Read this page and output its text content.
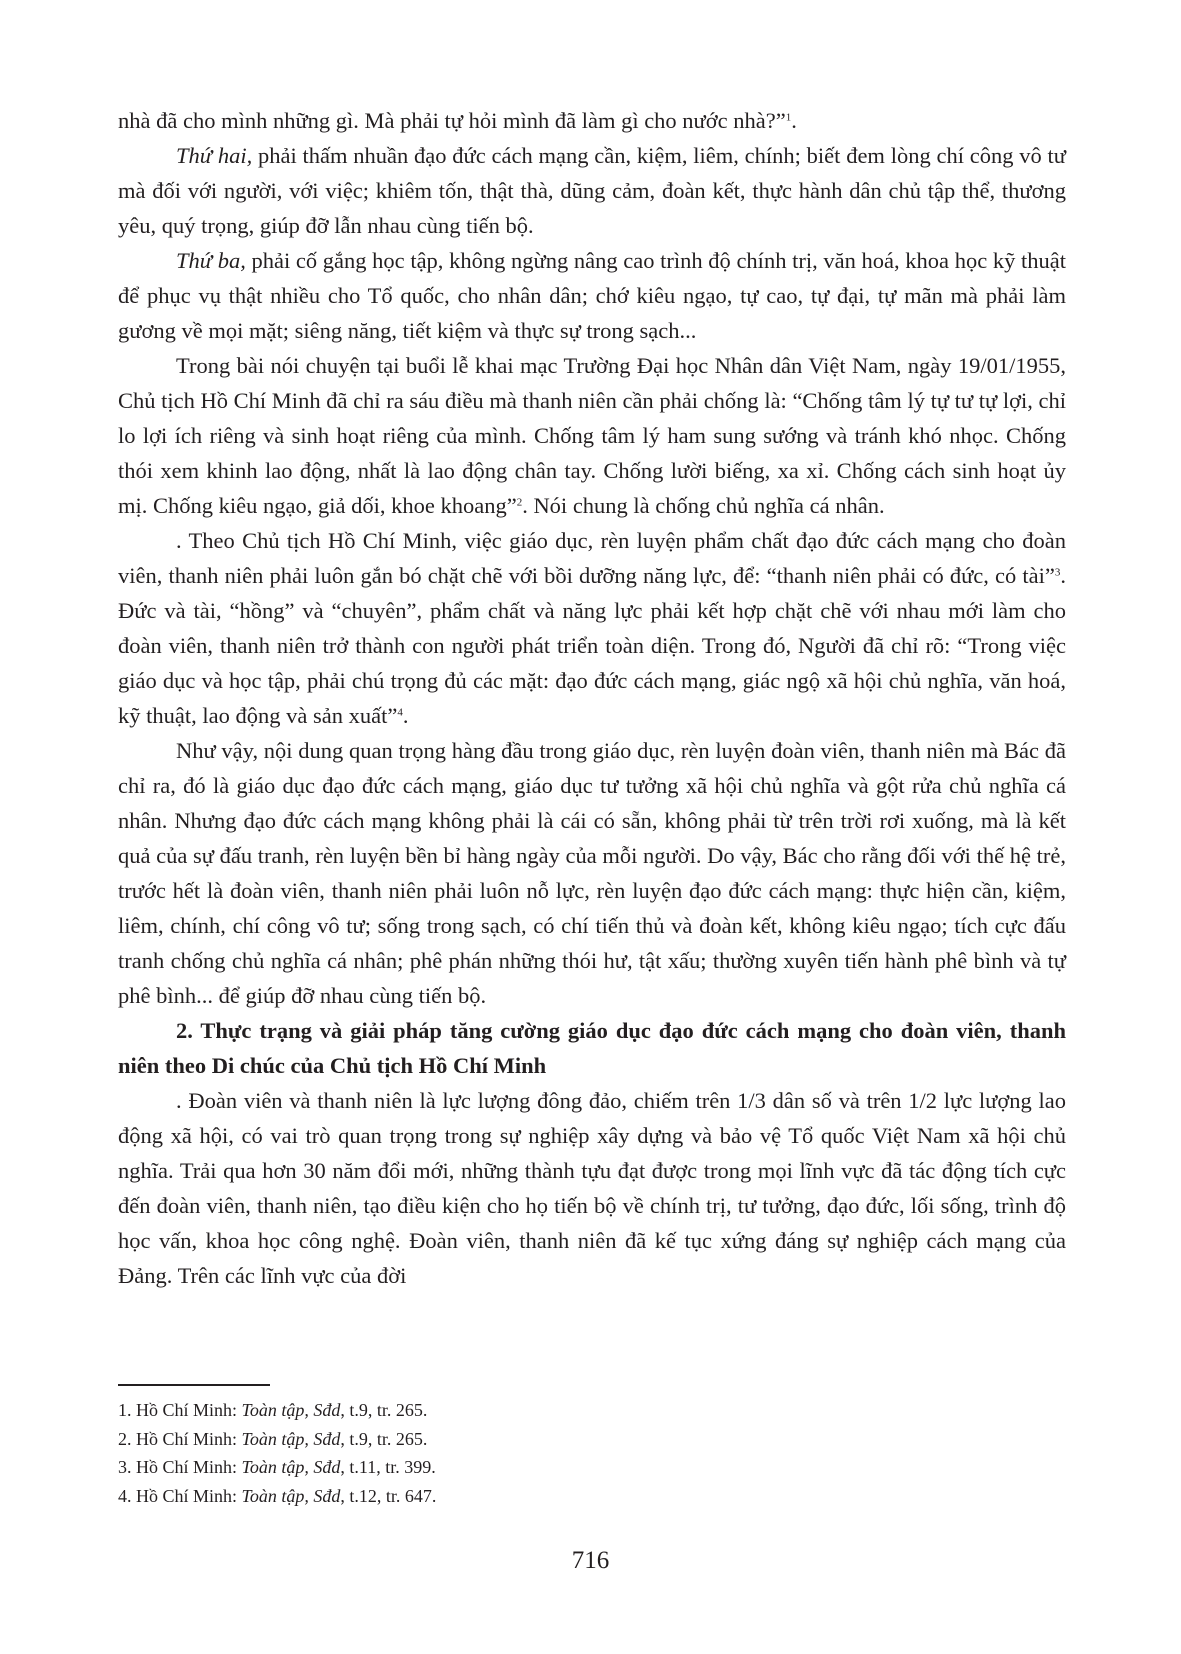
nhà đã cho mình những gì. Mà phải tự hỏi mình đã làm gì cho nước nhà?”$^1$.

Thứ hai, phải thấm nhuần đạo đức cách mạng cần, kiệm, liêm, chính; biết đem lòng chí công vô tư mà đối với người, với việc; khiêm tốn, thật thà, dũng cảm, đoàn kết, thực hành dân chủ tập thể, thương yêu, quý trọng, giúp đỡ lẫn nhau cùng tiến bộ.

Thứ ba, phải cố gắng học tập, không ngừng nâng cao trình độ chính trị, văn hoá, khoa học kỹ thuật để phục vụ thật nhiều cho Tổ quốc, cho nhân dân; chớ kiêu ngạo, tự cao, tự đại, tự mãn mà phải làm gương về mọi mặt; siêng năng, tiết kiệm và thực sự trong sạch...

Trong bài nói chuyện tại buổi lễ khai mạc Trường Đại học Nhân dân Việt Nam, ngày 19/01/1955, Chủ tịch Hồ Chí Minh đã chỉ ra sáu điều mà thanh niên cần phải chống là: “Chống tâm lý tự tư tự lợi, chỉ lo lợi ích riêng và sinh hoạt riêng của mình. Chống tâm lý ham sung sướng và tránh khó nhọc. Chống thói xem khinh lao động, nhất là lao động chân tay. Chống lười biếng, xa xỉ. Chống cách sinh hoạt ủy mị. Chống kiêu ngạo, giả dối, khoe khoang”$^2$. Nói chung là chống chủ nghĩa cá nhân.

. Theo Chủ tịch Hồ Chí Minh, việc giáo dục, rèn luyện phẩm chất đạo đức cách mạng cho đoàn viên, thanh niên phải luôn gắn bó chặt chẽ với bồi dưỡng năng lực, để: “thanh niên phải có đức, có tài”$^3$. Đức và tài, “hồng” và “chuyên”, phẩm chất và năng lực phải kết hợp chặt chẽ với nhau mới làm cho đoàn viên, thanh niên trở thành con người phát triển toàn diện. Trong đó, Người đã chỉ rõ: “Trong việc giáo dục và học tập, phải chú trọng đủ các mặt: đạo đức cách mạng, giác ngộ xã hội chủ nghĩa, văn hoá, kỹ thuật, lao động và sản xuất”$^4$.

Như vậy, nội dung quan trọng hàng đầu trong giáo dục, rèn luyện đoàn viên, thanh niên mà Bác đã chỉ ra, đó là giáo dục đạo đức cách mạng, giáo dục tư tưởng xã hội chủ nghĩa và gột rửa chủ nghĩa cá nhân. Nhưng đạo đức cách mạng không phải là cái có sẵn, không phải từ trên trời rơi xuống, mà là kết quả của sự đấu tranh, rèn luyện bền bỉ hàng ngày của mỗi người. Do vậy, Bác cho rằng đối với thế hệ trẻ, trước hết là đoàn viên, thanh niên phải luôn nỗ lực, rèn luyện đạo đức cách mạng: thực hiện cần, kiệm, liêm, chính, chí công vô tư; sống trong sạch, có chí tiến thủ và đoàn kết, không kiêu ngạo; tích cực đấu tranh chống chủ nghĩa cá nhân; phê phán những thói hư, tật xấu; thường xuyên tiến hành phê bình và tự phê bình... để giúp đỡ nhau cùng tiến bộ.

2. Thực trạng và giải pháp tăng cường giáo dục đạo đức cách mạng cho đoàn viên, thanh niên theo Di chúc của Chủ tịch Hồ Chí Minh

. Đoàn viên và thanh niên là lực lượng đông đảo, chiếm trên 1/3 dân số và trên 1/2 lực lượng lao động xã hội, có vai trò quan trọng trong sự nghiệp xây dựng và bảo vệ Tổ quốc Việt Nam xã hội chủ nghĩa. Trải qua hơn 30 năm đổi mới, những thành tựu đạt được trong mọi lĩnh vực đã tác động tích cực đến đoàn viên, thanh niên, tạo điều kiện cho họ tiến bộ về chính trị, tư tưởng, đạo đức, lối sống, trình độ học vấn, khoa học công nghệ. Đoàn viên, thanh niên đã kế tục xứng đáng sự nghiệp cách mạng của Đảng. Trên các lĩnh vực của đời

1. Hồ Chí Minh: Toàn tập, Sđd, t.9, tr. 265.

2. Hồ Chí Minh: Toàn tập, Sđd, t.9, tr. 265.

3. Hồ Chí Minh: Toàn tập, Sđd, t.11, tr. 399.

4. Hồ Chí Minh: Toàn tập, Sđd, t.12, tr. 647.

716
